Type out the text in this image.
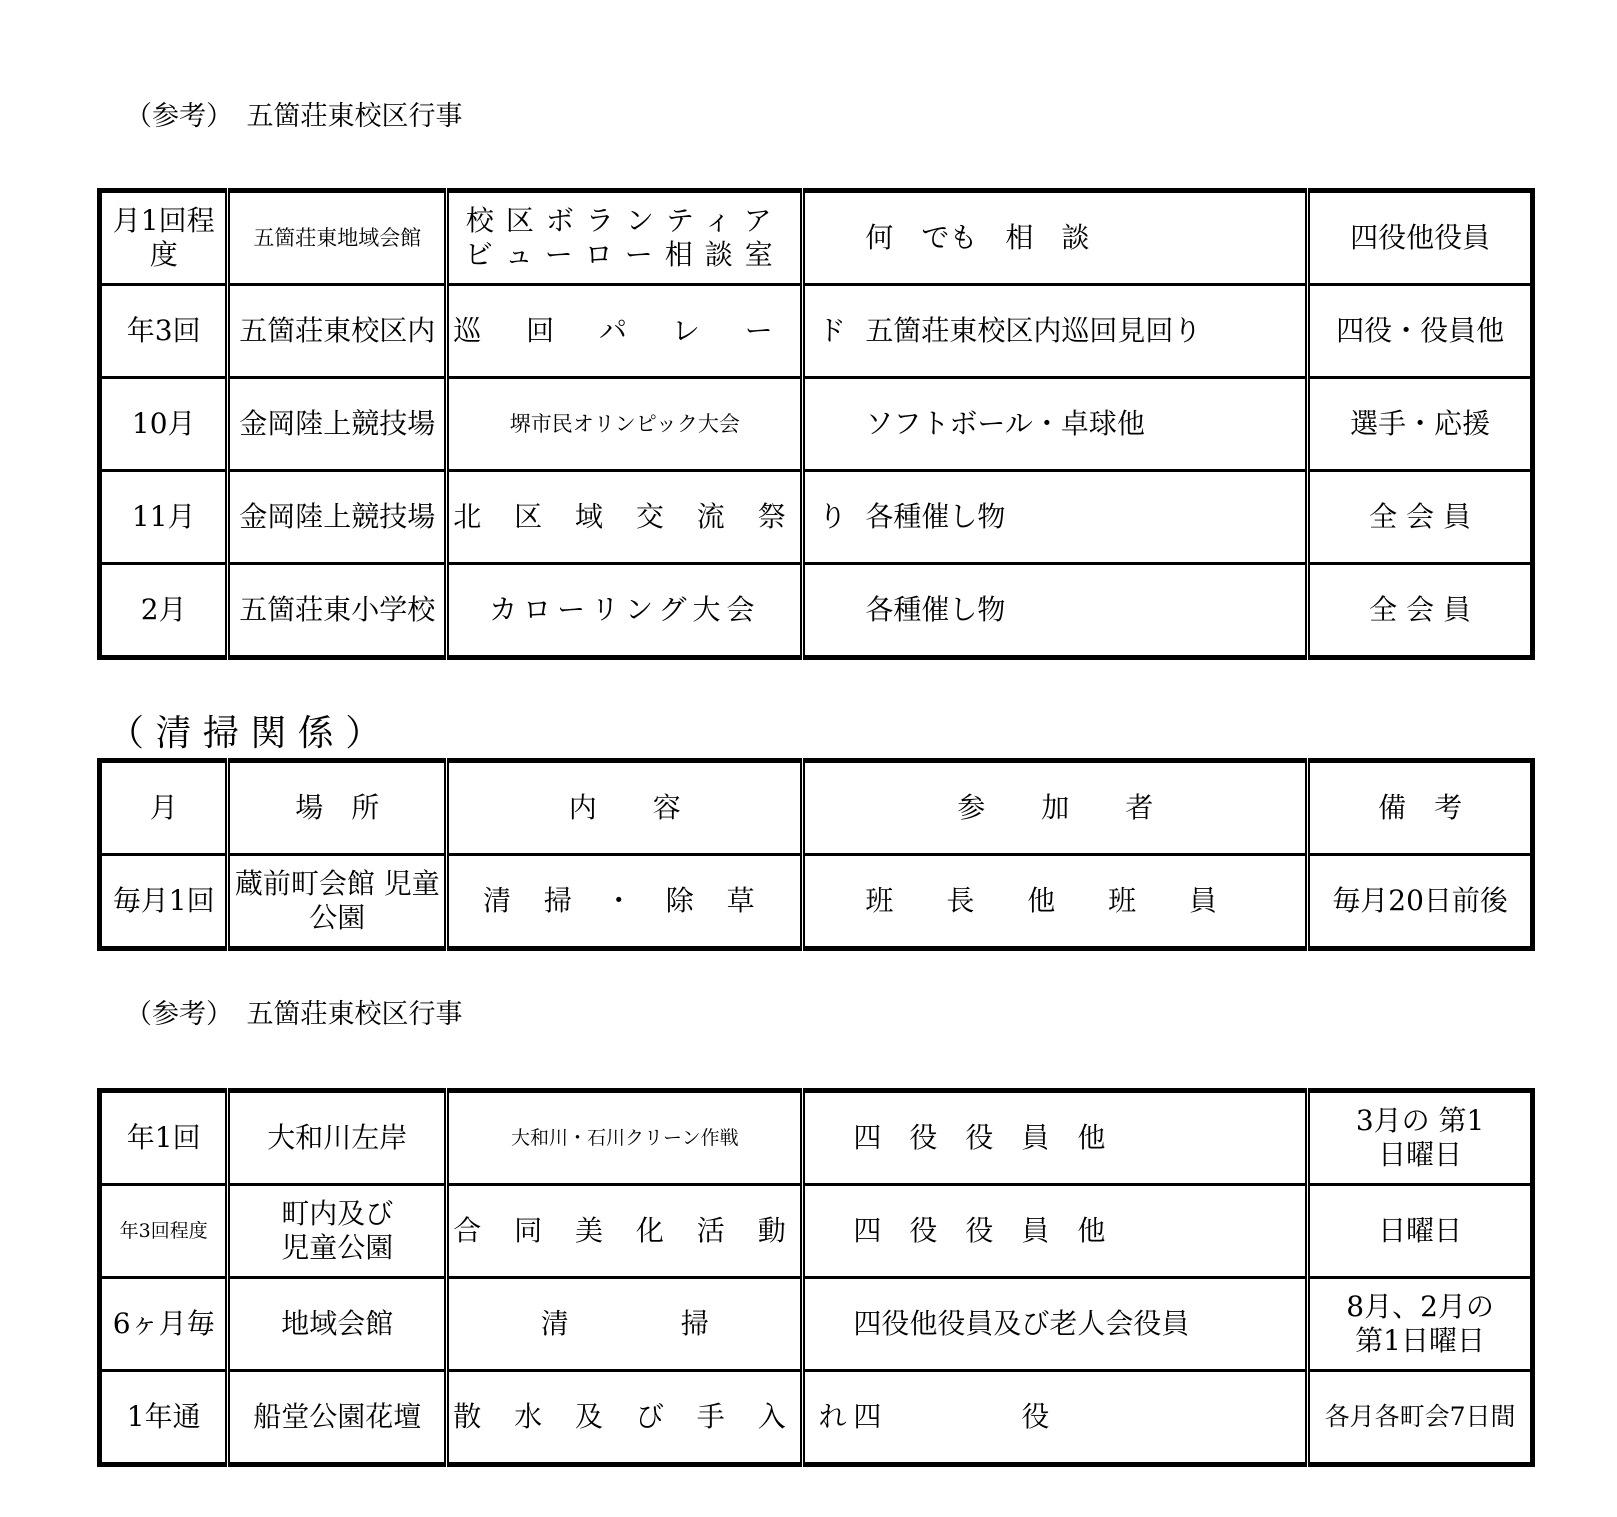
（参考）　五箇荘東校区行事
月1回程度	五箇荘東地域会館	校区ボランティアビューロー相談室	何　でも　相　談	四役他役員
年3回	五箇荘東校区内	巡 回 パ レ ー ド	五箇荘東校区内巡回見回り	四役・役員他
10月	金岡陸上競技場	堺市民オリンピック大会	ソフトボール・卓球他	選手・応援
11月	金岡陸上競技場	北 区 域 交 流 祭 り	各種催し物	全 会 員
2月	五箇荘東小学校	カローリング大会	各種催し物	全 会 員
（ 清 掃 関 係 ）
月	場　所	内　　容	参　　加　　者	備　考
毎月1回	蔵前町会館 児童公園	清 掃 ・ 除 草	班 長 他 班 員	毎月20日前後
（参考）　五箇荘東校区行事
年1回	大和川左岸	大和川・石川クリーン作戦	四　役　役　員　他	3月の 第1日曜日
年3回程度	町内及び 児童公園	合 同 美 化 活 動	四　役　役　員　他	日曜日
6ヶ月毎	地域会館	清　　　　掃	四役他役員及び老人会役員	8月、2月の 第1日曜日
1年通	船堂公園花壇	散 水 及 び 手 入 れ	四　　　　　役	各月各町会7日間
